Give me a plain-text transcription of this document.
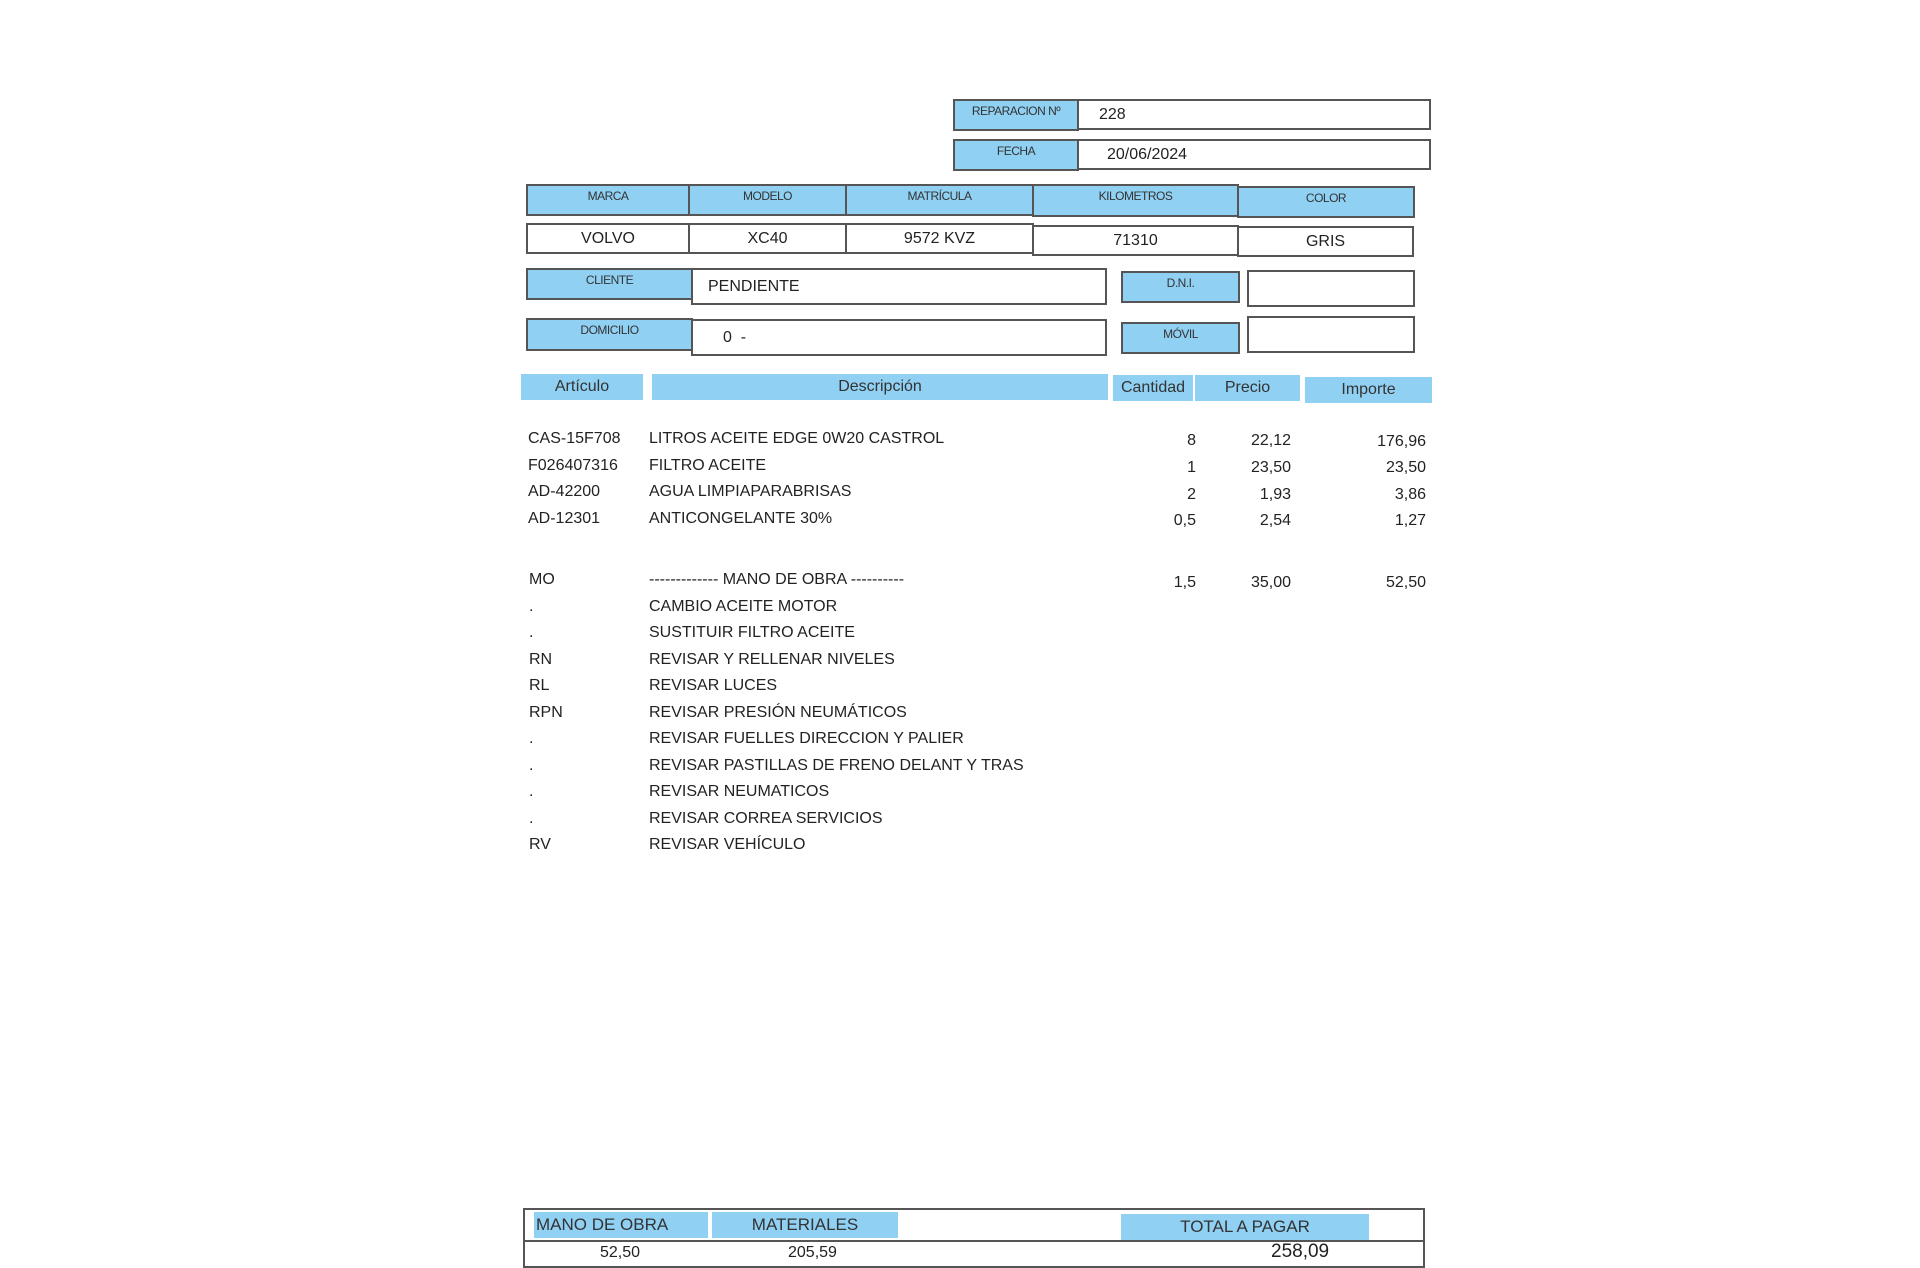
REPARACION Nº	228
FECHA	20/06/2024
MARCA	MODELO	MATRÍCULA	KILOMETROS	COLOR
VOLVO	XC40	9572 KVZ	71310	GRIS
CLIENTE	PENDIENTE	D.N.I.
DOMICILIO	0  -	MÓVIL
Artículo	Descripción	Cantidad	Precio	Importe
CAS-15F708 LITROS ACEITE EDGE 0W20 CASTROL	8	22,12	176,96
F026407316 FILTRO ACEITE	1	23,50	23,50
AD-42200	AGUA LIMPIAPARABRISAS	2	1,93	3,86
AD-12301	ANTICONGELANTE 30%	0,5	2,54	1,27
MO	------------- MANO DE OBRA ----------	1,5	35,00	52,50
.	CAMBIO ACEITE MOTOR
.	SUSTITUIR FILTRO ACEITE
RN	REVISAR Y RELLENAR NIVELES
RL	REVISAR LUCES
RPN	REVISAR PRESIÓN NEUMÁTICOS
.	REVISAR FUELLES DIRECCION Y PALIER
.	REVISAR PASTILLAS DE FRENO DELANT Y TRAS
.	REVISAR NEUMATICOS
.	REVISAR CORREA SERVICIOS
RV	REVISAR VEHÍCULO
MANO DE OBRA	MATERIALES	TOTAL A PAGAR
52,50	205,59	258,09
